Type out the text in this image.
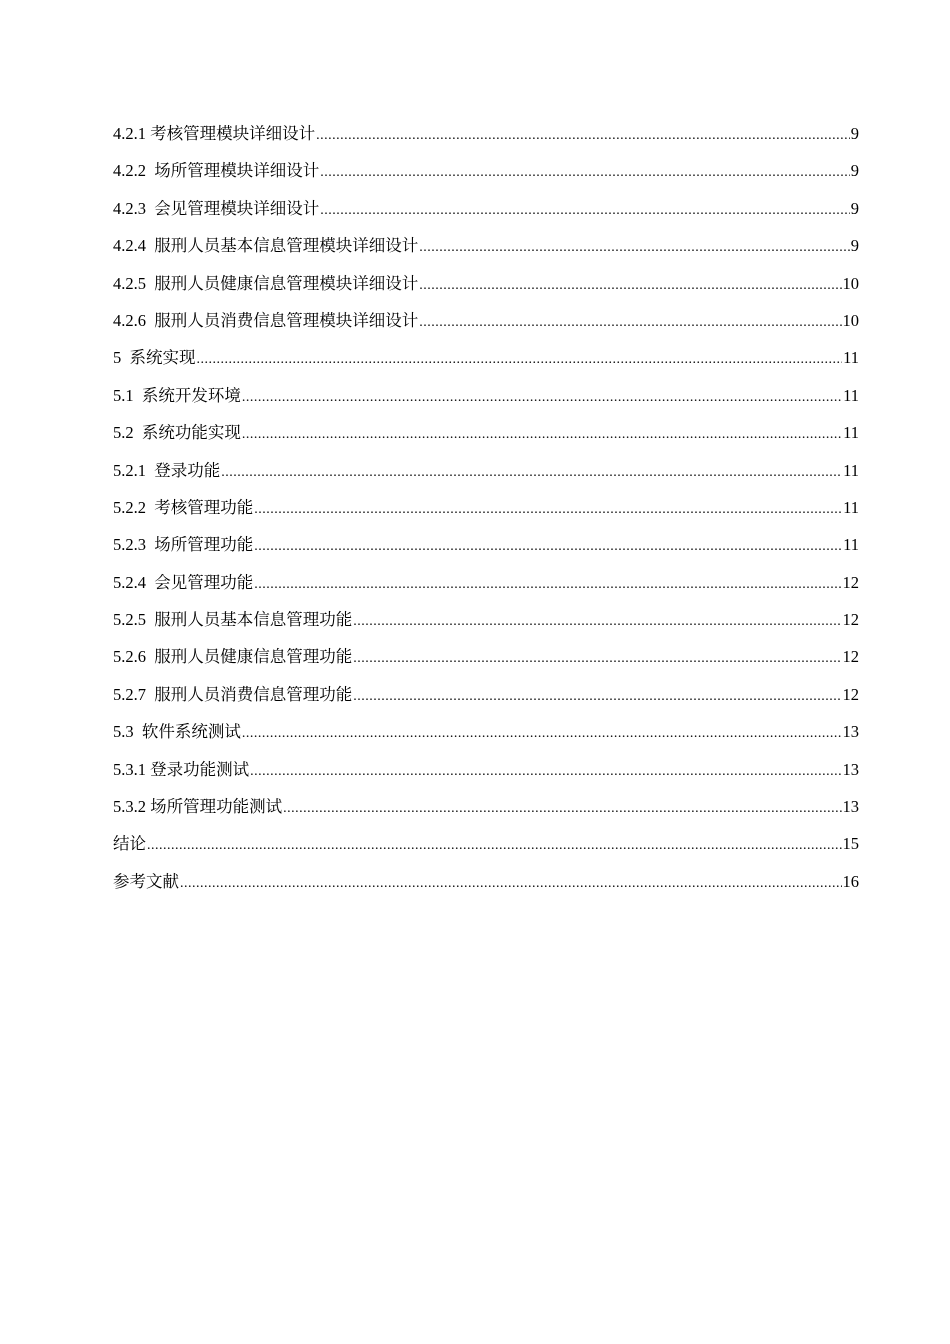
4.2.1 考核管理模块详细设计 .....	9
4.2.2  场所管理模块详细设计 .....	9
4.2.3  会见管理模块详细设计 .....	9
4.2.4  服刑人员基本信息管理模块详细设计 .....	9
4.2.5  服刑人员健康信息管理模块详细设计 .....	10
4.2.6  服刑人员消费信息管理模块详细设计 .....	10
5  系统实现 .....	11
5.1  系统开发环境 .....	11
5.2  系统功能实现 .....	11
5.2.1  登录功能 .....	11
5.2.2  考核管理功能 .....	11
5.2.3  场所管理功能 .....	11
5.2.4  会见管理功能 .....	12
5.2.5  服刑人员基本信息管理功能 .....	12
5.2.6  服刑人员健康信息管理功能 .....	12
5.2.7  服刑人员消费信息管理功能 .....	12
5.3  软件系统测试 .....	13
5.3.1 登录功能测试 .....	13
5.3.2 场所管理功能测试 .....	13
结论 .....	15
参考文献 .....	16
